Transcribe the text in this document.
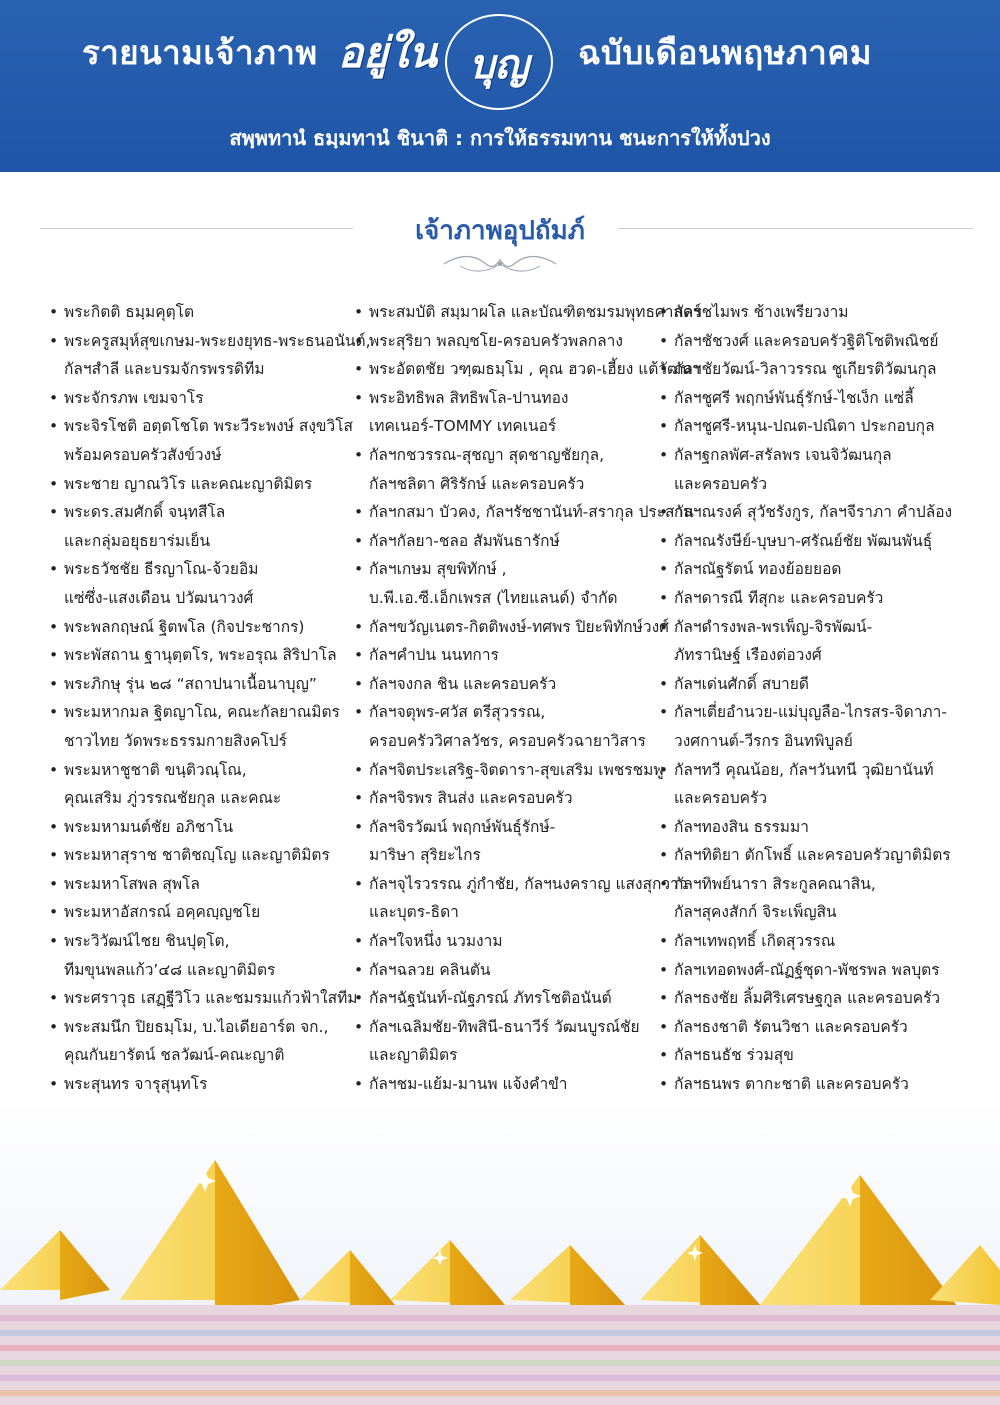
รายนามเจ้าภาพ อยู่ใน บุญ	ฉบับเดือนพฤษภาคม
สพฺพทานํ ธมฺมทานํ ชินาติ : การให้ธรรมทาน ชนะการให้ทั้งปวง
เจ้าภาพอุปถัมภ์
• พระกิตติ ธมฺมคุตฺโต
• พระครูสมุห์สุขเกษม-พระยงยุทธ-พระธนอนันต์,
กัลฯสำลี และบรมจักรพรรดิทีม
• พระจักรภพ เขมจาโร
• พระจิรโชติ อตฺตโชโต พระวีระพงษ์ สงฺขวิโส
พร้อมครอบครัวสังข์วงษ์
• พระชาย ญาณวิโร และคณะญาติมิตร
• พระดร.สมศักดิ์ จนฺทสีโล
และกลุ่มอยุธยาร่มเย็น
• พระธวัชชัย ธีรญาโณ-จ้วยอิม
แซ่ซึ่ง-แสงเดือน ปวัฒนาวงศ์
• พระพลกฤษณ์ ฐิตพโล (กิจประชากร)
• พระพัสถาน ฐานุตฺตโร, พระอรุณ สิริปาโล
• พระภิกษุ รุ่น ๒๘ “สถาปนาเนื้อนาบุญ”
• พระมหากมล ฐิตญาโณ, คณะกัลยาณมิตร
ชาวไทย วัดพระธรรมกายสิงคโปร์
• พระมหาชูชาติ ขนฺติวณฺโณ,
คุณเสริม ภู่วรรณชัยกุล และคณะ
• พระมหามนต์ชัย อภิชาโน
• พระมหาสุราช ชาติชญฺโญ และญาติมิตร
• พระมหาโสพล สุพโล
• พระมหาอัสกรณ์ อคฺคญฺญชโย
• พระวิวัฒน์ไชย ชินปุตฺโต,
ทีมขุนพลแก้ว’๔๘ และญาติมิตร
• พระศราวุธ เสฏฺฐีวิโว และชมรมแก้วฟ้าใสทีม
• พระสมนึก ปิยธมฺโม, บ.ไอเดียอาร์ต จก.,
คุณกันยารัตน์ ชลวัฒน์-คณะญาติ
• พระสุนทร จารุสุนฺทโร
• พระสมบัติ สมฺมาผโล และบัณฑิตชมรมพุทธศาสตร์
• พระสุริยา พลญฺชโย-ครอบครัวพลกลาง
• พระอัตตชัย วฑฺฒธมฺโม , คุณ ฮวด-เฮี้ยง แต้วัฒนา
• พระอิทธิพล สิทธิพโล-ปานทอง
เทคเนอร์-TOMMY เทคเนอร์
• กัลฯกชวรรณ-สุชญา สุดชาญชัยกุล,
กัลฯชลิตา ศิริรักษ์ และครอบครัว
• กัลฯกสมา บัวคง, กัลฯรัชชานันท์-สรากุล ประสาน
• กัลฯกัลยา-ชลอ สัมพันธารักษ์
• กัลฯเกษม สุขพิทักษ์ ,
บ.พี.เอ.ซี.เอ็กเพรส (ไทยแลนด์) จำกัด
• กัลฯขวัญเนตร-กิตติพงษ์-ทศพร ปิยะพิทักษ์วงศ์
• กัลฯคำปน นนทการ
• กัลฯจงกล ชิน และครอบครัว
• กัลฯจตุพร-ศวัส ตรีสุวรรณ,
ครอบครัววิศาลวัชร, ครอบครัวฉายาวิสาร
• กัลฯจิตประเสริฐ-จิตดารา-สุขเสริม เพชรชมพู
• กัลฯจิรพร สินส่ง และครอบครัว
• กัลฯจิรวัฒน์ พฤกษ์พันธุ์รักษ์-
มาริษา สุริยะไกร
• กัลฯจุไรวรรณ ภู่กำชัย, กัลฯนงคราญ แสงสุกวาว
และบุตร-ธิดา
• กัลฯใจหนึ่ง นวมงาม
• กัลฯฉลวย คลินตัน
• กัลฯฉัฐนันท์-ณัฐภรณ์ ภัทรโชติอนันต์
• กัลฯเฉลิมชัย-ทิพสินี-ธนาวีร์ วัฒนบูรณ์ชัย
และญาติมิตร
• กัลฯชม-แย้ม-มานพ แจ้งคำขำ
• กัลฯชไมพร ช้างเพรียวงาม
• กัลฯชัชวงศ์ และครอบครัวฐิติโชติพณิชย์
• กัลฯชัยวัฒน์-วิลาวรรณ ชูเกียรติวัฒนกุล
• กัลฯชูศรี พฤกษ์พันธุ์รักษ์-ไชเง็ก แซ่ลี้
• กัลฯชูศรี-หนุน-ปณต-ปณิตา ประกอบกุล
• กัลฯฐกลพัศ-สรัลพร เจนจิวัฒนกุล
และครอบครัว
• กัลฯณรงค์ สุวัชรังกูร, กัลฯจีราภา คำปล้อง
• กัลฯณรังษีย์-บุษบา-ศรัณย์ชัย พัฒนพันธุ์
• กัลฯณัฐรัตน์ ทองย้อยยอด
• กัลฯดารณี ทีสุกะ และครอบครัว
• กัลฯดำรงพล-พรเพ็ญ-จิรพัฒน์-
ภัทรานิษฐ์ เรืองต่อวงศ์
• กัลฯเด่นศักดิ์ สบายดี
• กัลฯเตี่ยอำนวย-แม่บุญลือ-ไกรสร-จิดาภา-
วงศกานต์-วีรกร อินทพิบูลย์
• กัลฯทวี คุณน้อย, กัลฯวันทนี วุฒิยานันท์
และครอบครัว
• กัลฯทองสิน ธรรมมา
• กัลฯทิติยา ตักโพธิ์ และครอบครัวญาติมิตร
• กัลฯทิพย์นารา สิระกูลคณาสิน,
กัลฯสุคงสักก์ จิระเพ็ญสิน
• กัลฯเทพฤทธิ์ เกิดสุวรรณ
• กัลฯเทอดพงศ์-ณัฏฐ์ชุดา-พัชรพล พลบุตร
• กัลฯธงชัย ลิ้มศิริเศรษฐกูล และครอบครัว
• กัลฯธงชาติ รัตนวิชา และครอบครัว
• กัลฯธนธัช ร่วมสุข
• กัลฯธนพร ตากะชาติ และครอบครัว
